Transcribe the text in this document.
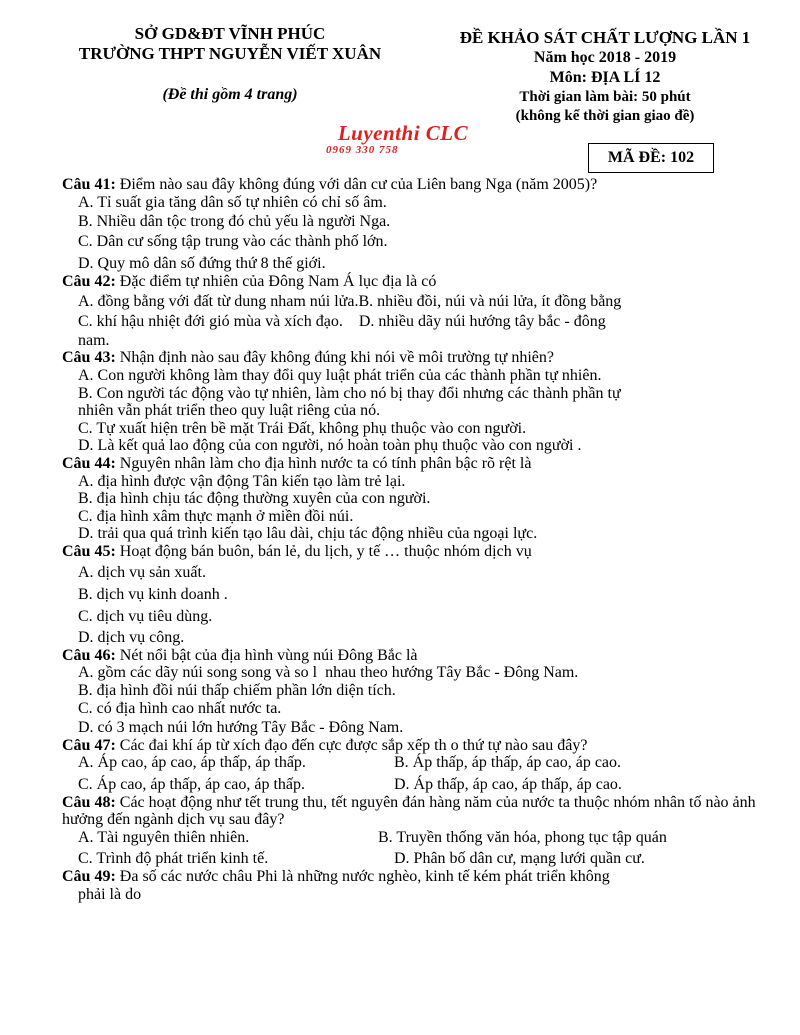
SỞ GD&ĐT VĨNH PHÚC
TRƯỜNG THPT NGUYỄN VIẾT XUÂN
(Đề thi gồm 4 trang)
ĐỀ KHẢO SÁT CHẤT LƯỢNG LẦN 1
Năm học 2018 - 2019
Môn: ĐỊA LÍ 12
Thời gian làm bài: 50 phút
(không kể thời gian giao đề)
Luyenthi CLC
0969 330 758	MÃ ĐỀ: 102

Câu 41: Điểm nào sau đây không đúng với dân cư của Liên bang Nga (năm 2005)?

A. Tỉ suất gia tăng dân số tự nhiên có chỉ số âm.
B. Nhiều dân tộc trong đó chủ yếu là người Nga.
C. Dân cư sống tập trung vào các thành phố lớn.
D. Quy mô dân số đứng thứ 8 thế giới.

Câu 42: Đặc điểm tự nhiên của Đông Nam Á lục địa là có

A. đồng bằng với đất từ dung nham núi lửa.B. nhiều đồi, núi và núi lửa, ít đồng bằng
C. khí hậu nhiệt đới gió mùa và xích đạo.    D. nhiều dãy núi hướng tây bắc - đông
nam.

Câu 43: Nhận định nào sau đây không đúng khi nói về môi trường tự nhiên?

A. Con người không làm thay đổi quy luật phát triển của các thành phần tự nhiên.
B. Con người tác động vào tự nhiên, làm cho nó bị thay đổi nhưng các thành phần tự
nhiên vẫn phát triển theo quy luật riêng của nó.
C. Tự xuất hiện trên bề mặt Trái Đất, không phụ thuộc vào con người.
D. Là kết quả lao động của con người, nó hoàn toàn phụ thuộc vào con người .

Câu 44: Nguyên nhân làm cho địa hình nước ta có tính phân bậc rõ rệt là

A. địa hình được vận động Tân kiến tạo làm trẻ lại.
B. địa hình chịu tác động thường xuyên của con người.
C. địa hình xâm thực mạnh ở miền đồi núi.
D. trải qua quá trình kiến tạo lâu dài, chịu tác động nhiều của ngoại lực.

Câu 45: Hoạt động bán buôn, bán lẻ, du lịch, y tế … thuộc nhóm dịch vụ

A. dịch vụ sản xuất.
B. dịch vụ kinh doanh .
C. dịch vụ tiêu dùng.
D. dịch vụ công.

Câu 46: Nét nổi bật của địa hình vùng núi Đông Bắc là

A. gồm các dãy núi song song và so l  nhau theo hướng Tây Bắc - Đông Nam.
B. địa hình đồi núi thấp chiếm phần lớn diện tích.
C. có địa hình cao nhất nước ta.
D. có 3 mạch núi lớn hướng Tây Bắc - Đông Nam.

Câu 47: Các đai khí áp từ xích đạo đến cực được sắp xếp th o thứ tự nào sau đây?

A. Áp cao, áp cao, áp thấp, áp thấp.	B. Áp thấp, áp thấp, áp cao, áp cao.
C. Áp cao, áp thấp, áp cao, áp thấp.	D. Áp thấp, áp cao, áp thấp, áp cao.

Câu 48: Các hoạt động như tết trung thu, tết nguyên đán hàng năm của nước ta thuộc nhóm nhân tố nào ảnh hưởng đến ngành dịch vụ sau đây?

A. Tài nguyên thiên nhiên.	B. Truyền thống văn hóa, phong tục tập quán
C. Trình độ phát triển kinh tế.	D. Phân bố dân cư, mạng lưới quần cư.

Câu 49: Đa số các nước châu Phi là những nước nghèo, kinh tế kém phát triển không

phải là do
